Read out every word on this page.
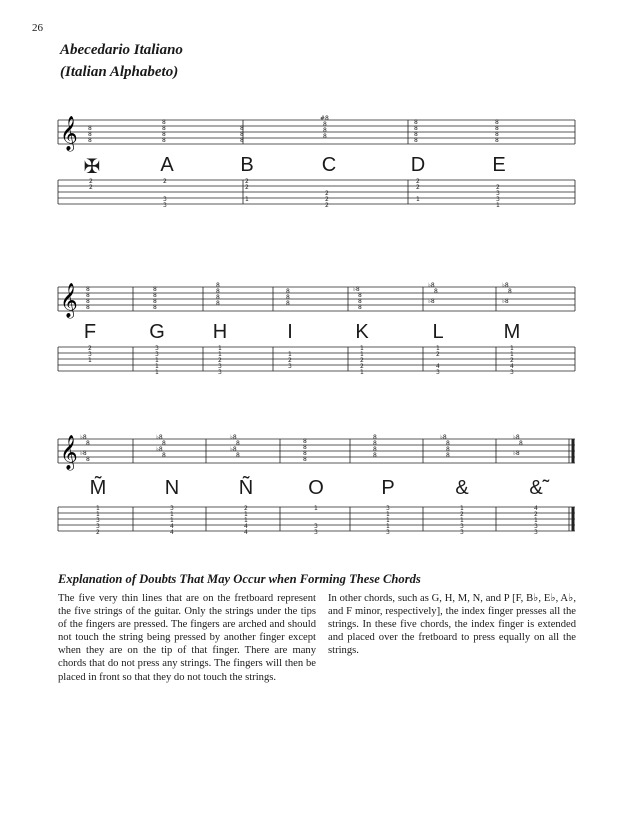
26
Abecedario Italiano
(Italian Alphabeto)
𝄞 8
8
8
8
8
8
8
8
8
8
#8
8
8
8
8
8
8
8
8
8
8
8
2
2
2
3
3
2
2
1
2
2
2
2
2
1
2
3
3
1
✠	A	B	C	D	E
𝄞 8
8
8
8
8
8
8
8
8
8
8
8
8
8
8
♭8
8
8
8
♭8
8
♭8
♭8
8
♭8
2
3
1
3
3
1
1
1
1
1
2
3
3
1
2
3
1
1
2
2
1
1
2
4
3
1
1
2
4
3
F	G	H	I	K	L	M
𝄞 ♭8
8
♭8
8
♭8
8
♭8
8
♭8
8
♭8
8
8
8
8
8
8
8
8
8
♭8
8
8
8
♭8
8
♭8
1
1
3
3
2
3
1
1
4
4
2
1
1
4
4
1
3
3
3
1
1
1
3
1
2
1
3
3
4
2
1
3
3
M̃	N	Ñ	O	P	&	&̃
Explanation of Doubts That May Occur when Forming These Chords
The five very thin lines that are on the fretboard represent the five strings of the guitar. Only the strings under the tips of the fingers are pressed. The fingers are arched and should not touch the string being pressed by another finger except when they are on the tip of that finger. There are many chords that do not press any strings. The fingers will then be placed in front so that they do not touch the strings.
In other chords, such as G, H, M, N, and P [F, B♭, E♭, A♭, and F minor, respectively], the index finger presses all the strings. In these five chords, the index finger is extended and placed over the fretboard to press equally on all the strings.
